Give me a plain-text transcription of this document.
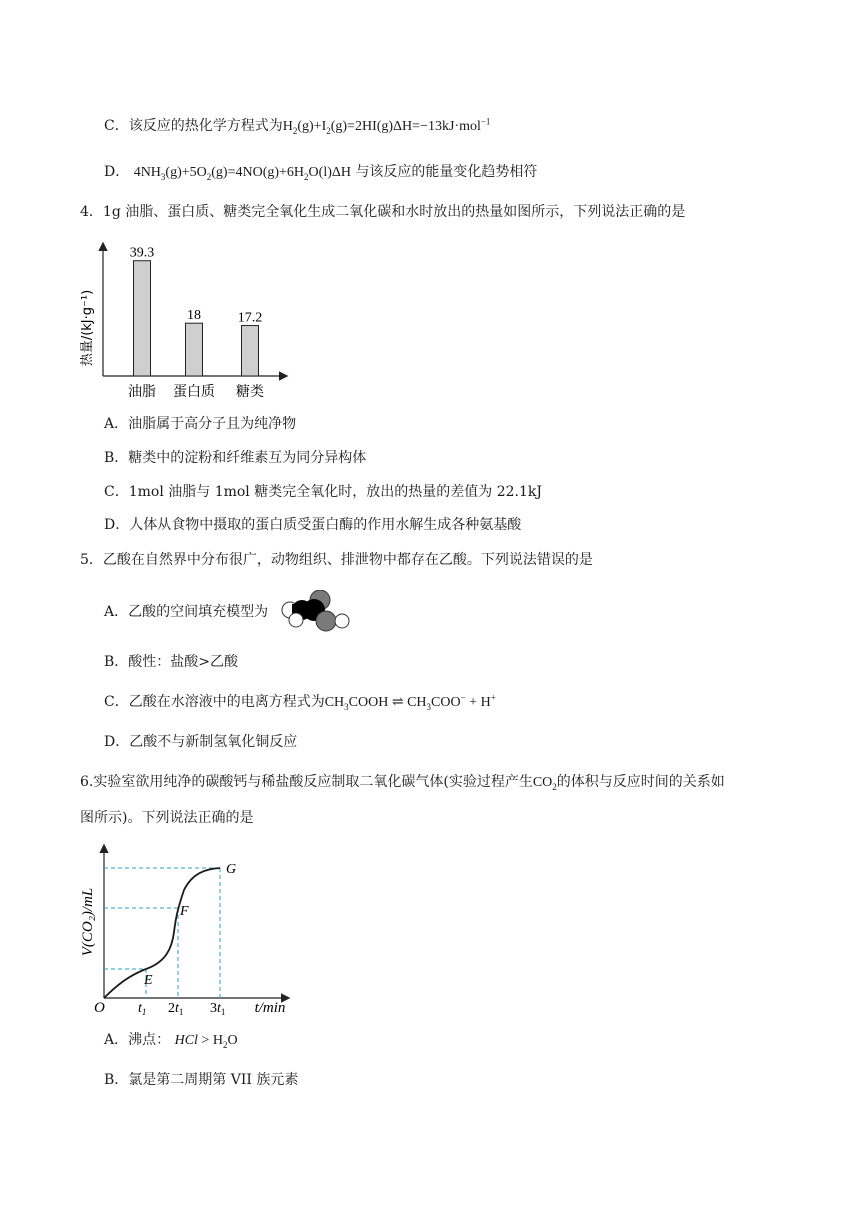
C．该反应的热化学方程式为$H_2(g)+I_2(g)=2HI(g)\Delta H=-13kJ\cdot mol^{-1}$
D． $4NH_3(g)+5O_2(g)=4NO(g)+6H_2O(l)\Delta H$ 与该反应的能量变化趋势相符
4．1g 油脂、蛋白质、糖类完全氧化生成二氧化碳和水时放出的热量如图所示，下列说法正确的是
热量/(kJ·g⁻¹)
39.3
油脂
18
蛋白质
17.2
糖类
A．油脂属于高分子且为纯净物
B．糖类中的淀粉和纤维素互为同分异构体
C．1mol 油脂与 1mol 糖类完全氧化时，放出的热量的差值为 22.1kJ
D．人体从食物中摄取的蛋白质受蛋白酶的作用水解生成各种氨基酸
5．乙酸在自然界中分布很广，动物组织、排泄物中都存在乙酸。下列说法错误的是
A．乙酸的空间填充模型为
B．酸性：盐酸>乙酸
C．乙酸在水溶液中的电离方程式为$CH_3COOH$ ⇌ $CH_3COO^- + H^+$
D．乙酸不与新制氢氧化铜反应
6.实验室欲用纯净的碳酸钙与稀盐酸反应制取二氧化碳气体(实验过程产生$CO_2$的体积与反应时间的关系如
图所示)。下列说法正确的是
V(CO₂)/mL
t/min
O $t_1$ $2t_1$ $3t_1$
E
F
G
A．沸点： HCl > $H_2O$
B．氯是第二周期第 VII 族元素
